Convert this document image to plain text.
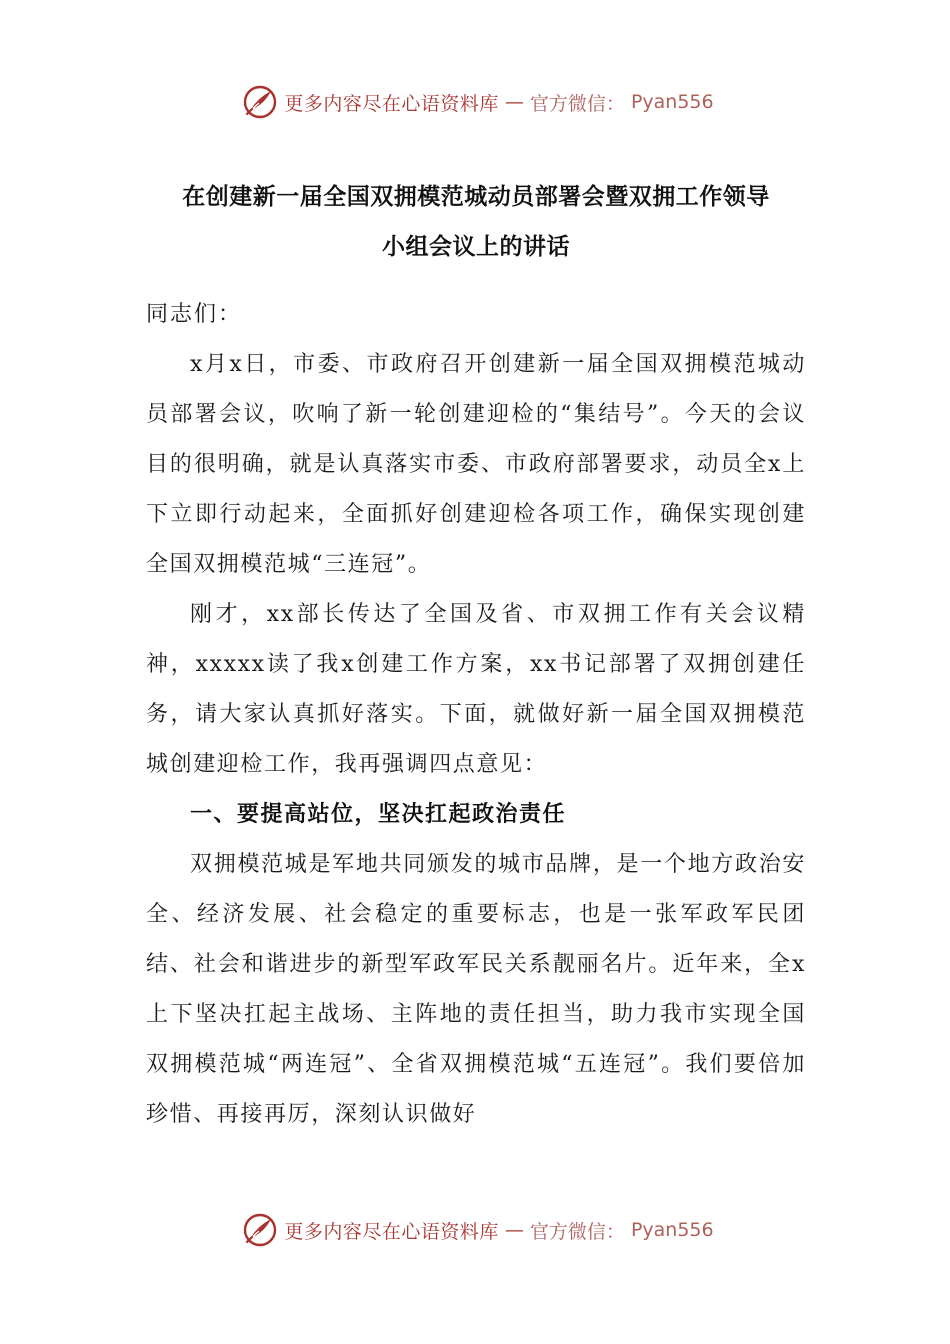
更多内容尽在心语资料库 — 官方微信： Pyan556
在创建新一届全国双拥模范城动员部署会暨双拥工作领导
小组会议上的讲话
同志们：

x月x日，市委、市政府召开创建新一届全国双拥模范城动员部署会议，吹响了新一轮创建迎检的“集结号”。今天的会议目的很明确，就是认真落实市委、市政府部署要求，动员全x上下立即行动起来，全面抓好创建迎检各项工作，确保实现创建全国双拥模范城“三连冠”。

刚才，xx部长传达了全国及省、市双拥工作有关会议精神，xxxxx读了我x创建工作方案，xx书记部署了双拥创建任务，请大家认真抓好落实。下面，就做好新一届全国双拥模范城创建迎检工作，我再强调四点意见：

一、要提高站位，坚决扛起政治责任

双拥模范城是军地共同颁发的城市品牌，是一个地方政治安全、经济发展、社会稳定的重要标志，也是一张军政军民团结、社会和谐进步的新型军政军民关系靓丽名片。近年来，全x上下坚决扛起主战场、主阵地的责任担当，助力我市实现全国双拥模范城“两连冠”、全省双拥模范城“五连冠”。我们要倍加珍惜、再接再厉，深刻认识做好

更多内容尽在心语资料库 — 官方微信： Pyan556
